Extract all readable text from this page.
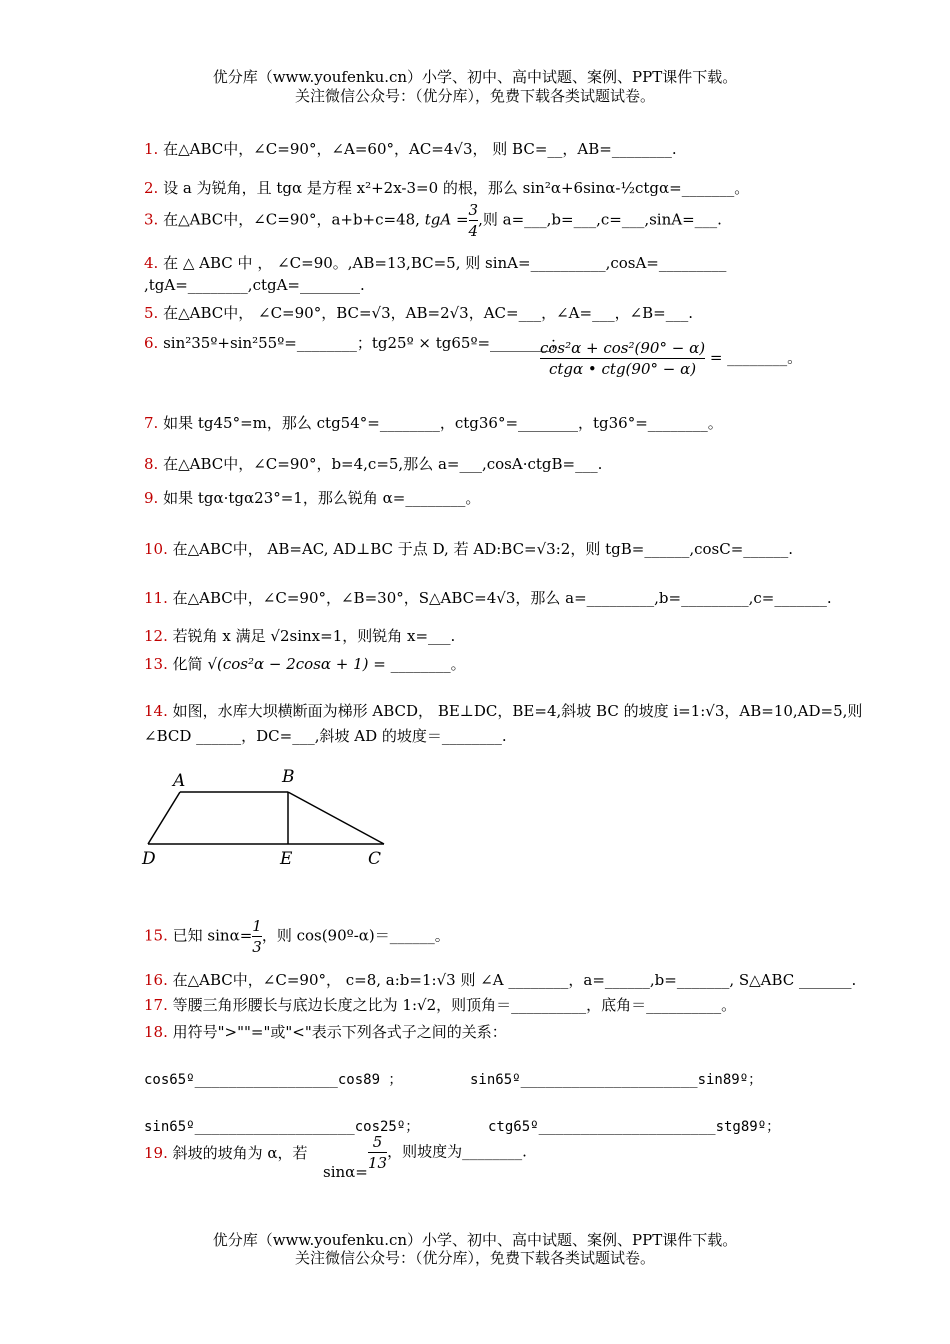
优分库（www.youfenku.cn）小学、初中、高中试题、案例、PPT课件下载。
关注微信公众号：（优分库），免费下载各类试题试卷。
1. 在△ABC中，∠C=90°，∠A=60°，AC=4√3， 则 BC=__，AB=________.
2. 设 a 为锐角，且 tgα 是方程 x²+2x-3=0 的根，那么 sin²α+6sinα-½ctgα=_______。
3. 在△ABC中，∠C=90°，a+b+c=48, tgA = $\frac{3}{4}$ ,则 a=___,b=___,c=___,sinA=___.
4. 在 △ ABC 中 ， ∠C=90。,AB=13,BC=5, 则 sinA=__________,cosA=_________
,tgA=________,ctgA=________.
5. 在△ABC中， ∠C=90°，BC=√3，AB=2√3，AC=___，∠A=___，∠B=___.
6. sin²35º+sin²55º=________；tg25º × tg65º=________；
$\frac{\text{cos²α + cos²(90° − α)}}{\text{ctgα • ctg(90° − α)}}$ = ________。
7. 如果 tg45°=m，那么 ctg54°=________，ctg36°=________，tg36°=________。
8. 在△ABC中，∠C=90°，b=4,c=5,那么 a=___,cosA·ctgB=___.
9. 如果 tgα·tgα23°=1，那么锐角 α=________。
10. 在△ABC中， AB=AC, AD⊥BC 于点 D, 若 AD:BC=√3:2，则 tgB=______,cosC=______.
11. 在△ABC中，∠C=90°，∠B=30°，S△ABC=4√3，那么 a=_________,b=_________,c=_______.
12. 若锐角 x 满足 √2sinx=1，则锐角 x=___.
13. 化简 √(cos²α − 2cosα + 1) = ________。
14. 如图，水库大坝横断面为梯形 ABCD， BE⊥DC，BE=4,斜坡 BC 的坡度 i=1:√3，AB=10,AD=5,则
∠BCD ______，DC=___,斜坡 AD 的坡度＝________.
A	B
C
D	E
15. 已知 $\sin\alpha= \frac{1}{3}$ ，则 cos(90º-α)＝______。
16. 在△ABC中，∠C=90°， c=8, a:b=1:√3 则 ∠A ________，a=______,b=_______, S△ABC _______.
17. 等腰三角形腰长与底边长度之比为 1:√2，则顶角＝__________，底角＝__________。
18. 用符号">""="或"<"表示下列各式子之间的关系：
cos65º_________________cos89 ；	sin65º_____________________sin89º；
sin65º___________________cos25º；	ctg65º_____________________stg89º；
19. 斜坡的坡角为 α，若	$\frac{5}{13}$ ，则坡度为________.
sinα=
优分库（www.youfenku.cn）小学、初中、高中试题、案例、PPT课件下载。
关注微信公众号：（优分库），免费下载各类试题试卷。
